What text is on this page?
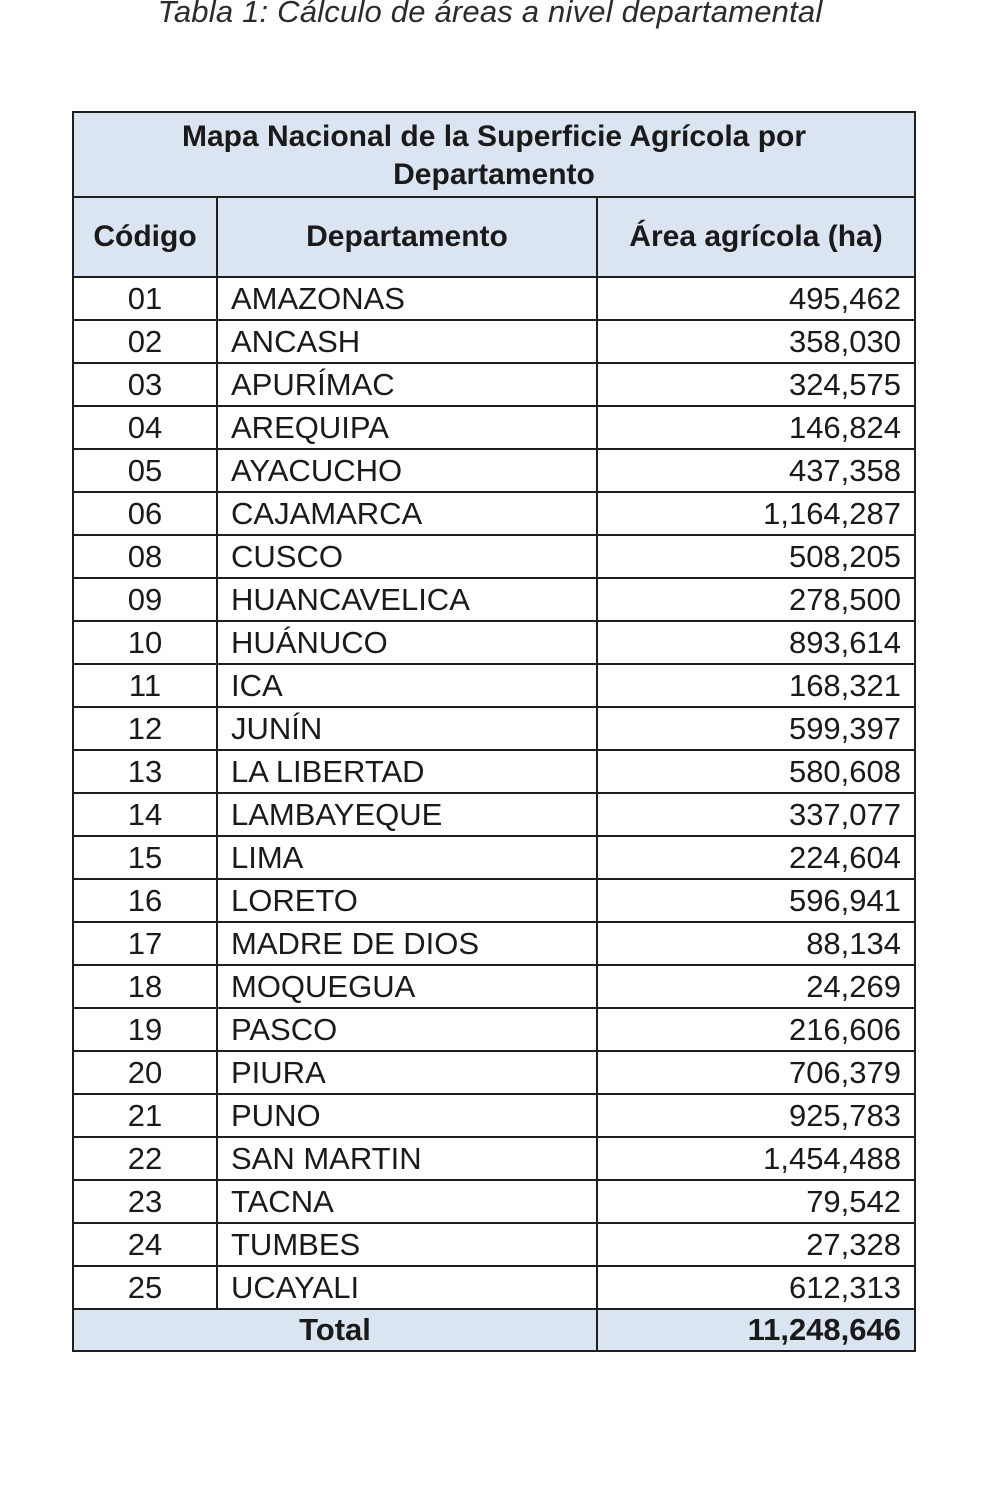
Tabla 1: Cálculo de áreas a nivel departamental
Mapa Nacional de la Superficie Agrícola por Departamento		
Código	Departamento	Área agrícola (ha)
01	AMAZONAS	495,462
02	ANCASH	358,030
03	APURÍMAC	324,575
04	AREQUIPA	146,824
05	AYACUCHO	437,358
06	CAJAMARCA	1,164,287
08	CUSCO	508,205
09	HUANCAVELICA	278,500
10	HUÁNUCO	893,614
11	ICA	168,321
12	JUNÍN	599,397
13	LA LIBERTAD	580,608
14	LAMBAYEQUE	337,077
15	LIMA	224,604
16	LORETO	596,941
17	MADRE DE DIOS	88,134
18	MOQUEGUA	24,269
19	PASCO	216,606
20	PIURA	706,379
21	PUNO	925,783
22	SAN MARTIN	1,454,488
23	TACNA	79,542
24	TUMBES	27,328
25	UCAYALI	612,313
Total		11,248,646
